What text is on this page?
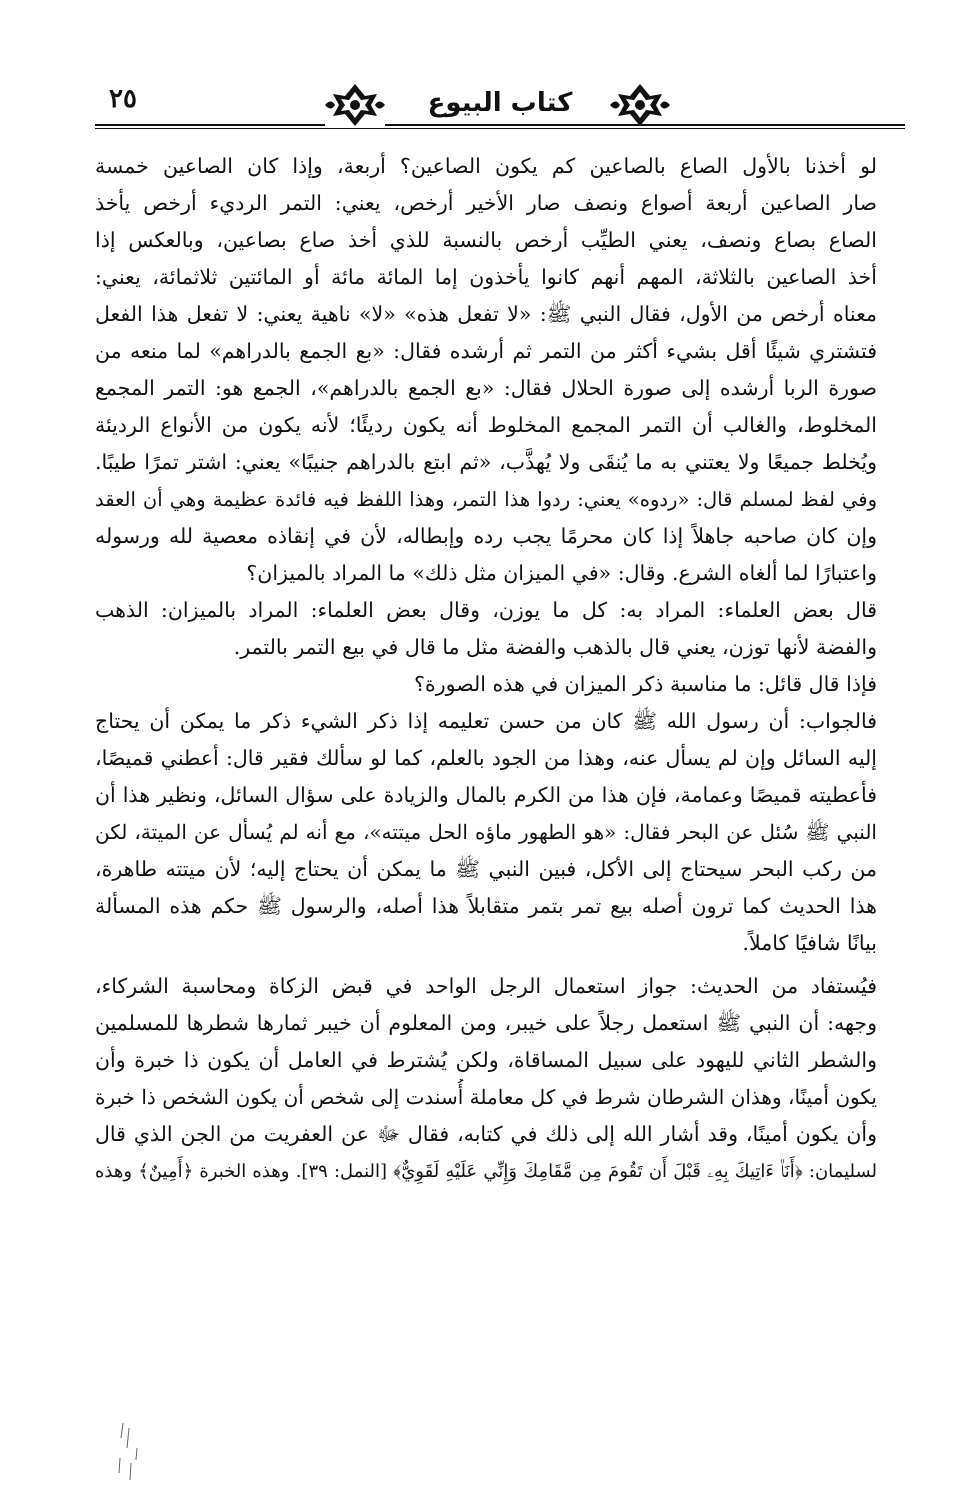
كتاب البيوع
٢٥

لو أخذنا بالأول الصاع بالصاعين كم يكون الصاعين؟ أربعة، وإذا كان الصاعين خمسة
صار الصاعين أربعة أصواع ونصف صار الأخير أرخص، يعني: التمر الرديء أرخص يأخذ
الصاع بصاع ونصف، يعني الطيِّب أرخص بالنسبة للذي أخذ صاع بصاعين، وبالعكس إذا
أخذ الصاعين بالثلاثة، المهم أنهم كانوا يأخذون إما المائة مائة أو المائتين ثلاثمائة، يعني:
معناه أرخص من الأول، فقال النبي ﷺ: «لا تفعل هذه» «لا» ناهية يعني: لا تفعل هذا الفعل
فتشتري شيئًا أقل بشيء أكثر من التمر ثم أرشده فقال: «بع الجمع بالدراهم» لما منعه من
صورة الربا أرشده إلى صورة الحلال فقال: «بع الجمع بالدراهم»، الجمع هو: التمر المجمع
المخلوط، والغالب أن التمر المجمع المخلوط أنه يكون رديئًا؛ لأنه يكون من الأنواع الرديئة
ويُخلط جميعًا ولا يعتني به ما يُنقَى ولا يُهذَّب، «ثم ابتع بالدراهم جنيبًا» يعني: اشتر تمرًا طيبًا.
وفي لفظ لمسلم قال: «ردوه» يعني: ردوا هذا التمر، وهذا اللفظ فيه فائدة عظيمة وهي أن العقد
وإن كان صاحبه جاهلاً إذا كان محرمًا يجب رده وإبطاله، لأن في إنقاذه معصية لله ورسوله
واعتبارًا لما ألغاه الشرع. وقال: «في الميزان مثل ذلك» ما المراد بالميزان؟

قال بعض العلماء: المراد به: كل ما يوزن، وقال بعض العلماء: المراد بالميزان: الذهب
والفضة لأنها توزن، يعني قال بالذهب والفضة مثل ما قال في بيع التمر بالتمر.

فإذا قال قائل: ما مناسبة ذكر الميزان في هذه الصورة؟

فالجواب: أن رسول الله ﷺ كان من حسن تعليمه إذا ذكر الشيء ذكر ما يمكن أن يحتاج
إليه السائل وإن لم يسأل عنه، وهذا من الجود بالعلم، كما لو سألك فقير قال: أعطني قميصًا،
فأعطيته قميصًا وعمامة، فإن هذا من الكرم بالمال والزيادة على سؤال السائل، ونظير هذا أن
النبي ﷺ سُئل عن البحر فقال: «هو الطهور ماؤه الحل ميتته»، مع أنه لم يُسأل عن الميتة، لكن
من ركب البحر سيحتاج إلى الأكل، فبين النبي ﷺ ما يمكن أن يحتاج إليه؛ لأن ميتته طاهرة،
هذا الحديث كما ترون أصله بيع تمر بتمر متقابلاً هذا أصله، والرسول ﷺ حكم هذه المسألة
بيانًا شافيًا كاملاً.

فيُستفاد من الحديث: جواز استعمال الرجل الواحد في قبض الزكاة ومحاسبة الشركاء،
وجهه: أن النبي ﷺ استعمل رجلاً على خيبر، ومن المعلوم أن خيبر ثمارها شطرها للمسلمين
والشطر الثاني لليهود على سبيل المساقاة، ولكن يُشترط في العامل أن يكون ذا خبرة وأن
يكون أمينًا، وهذان الشرطان شرط في كل معاملة أُسندت إلى شخص أن يكون الشخص ذا خبرة
وأن يكون أمينًا، وقد أشار الله إلى ذلك في كتابه، فقال ﷻ عن العفريت من الجن الذي قال
لسليمان: ﴿أَنَا۠ ءَاتِيكَ بِهِۦ قَبْلَ أَن تَقُومَ مِن مَّقَامِكَ وَإِنِّي عَلَيْهِ لَقَوِيٌّ﴾ [النمل: ٣٩]. وهذه الخبرة ﴿أَمِينٌ﴾ وهذه
